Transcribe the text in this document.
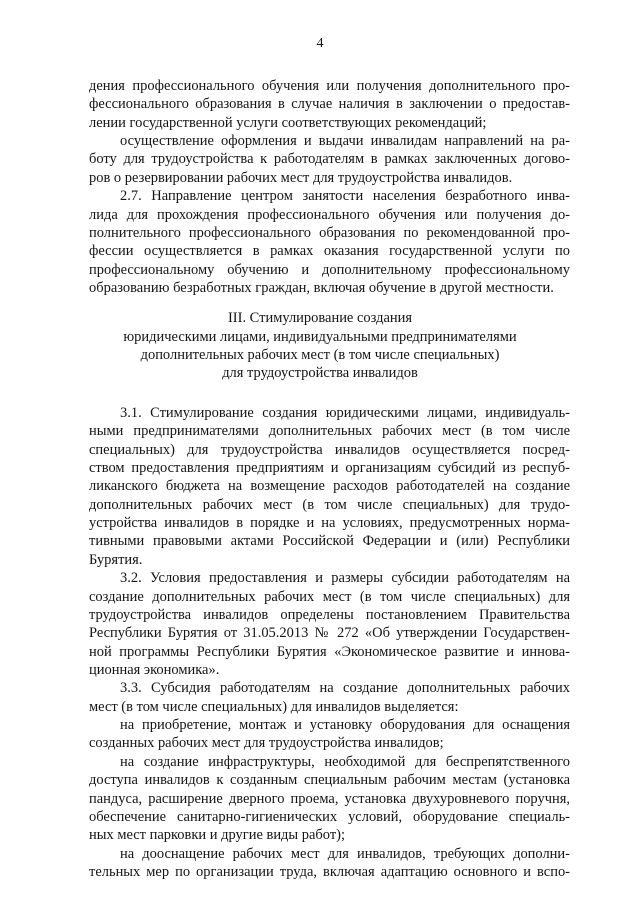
4
дения профессионального обучения или получения дополнительного про-
фессионального образования в случае наличия в заключении о предостав-
лении государственной услуги соответствующих рекомендаций;
осуществление оформления и выдачи инвалидам направлений на ра-
боту для трудоустройства к работодателям в рамках заключенных догово-
ров о резервировании рабочих мест для трудоустройства инвалидов.
2.7. Направление центром занятости населения безработного инва-
лида для прохождения профессионального обучения или получения до-
полнительного профессионального образования по рекомендованной про-
фессии осуществляется в рамках оказания государственной услуги по
профессиональному обучению и дополнительному профессиональному
образованию безработных граждан, включая обучение в другой местности.
III. Стимулирование создания
юридическими лицами, индивидуальными предпринимателями
дополнительных рабочих мест (в том числе специальных)
для трудоустройства инвалидов
3.1. Стимулирование создания юридическими лицами, индивидуаль-
ными предпринимателями дополнительных рабочих мест (в том числе
специальных) для трудоустройства инвалидов осуществляется посред-
ством предоставления предприятиям и организациям субсидий из респуб-
ликанского бюджета на возмещение расходов работодателей на создание
дополнительных рабочих мест (в том числе специальных) для трудо-
устройства инвалидов в порядке и на условиях, предусмотренных норма-
тивными правовыми актами Российской Федерации и (или) Республики
Бурятия.
3.2. Условия предоставления и размеры субсидии работодателям на
создание дополнительных рабочих мест (в том числе специальных) для
трудоустройства инвалидов определены постановлением Правительства
Республики Бурятия от 31.05.2013 № 272 «Об утверждении Государствен-
ной программы Республики Бурятия «Экономическое развитие и иннова-
ционная экономика».
3.3. Субсидия работодателям на создание дополнительных рабочих
мест (в том числе специальных) для инвалидов выделяется:
на приобретение, монтаж и установку оборудования для оснащения
созданных рабочих мест для трудоустройства инвалидов;
на создание инфраструктуры, необходимой для беспрепятственного
доступа инвалидов к созданным специальным рабочим местам (установка
пандуса, расширение дверного проема, установка двухуровневого поручня,
обеспечение санитарно-гигиенических условий, оборудование специаль-
ных мест парковки и другие виды работ);
на дооснащение рабочих мест для инвалидов, требующих дополни-
тельных мер по организации труда, включая адаптацию основного и вспо-
